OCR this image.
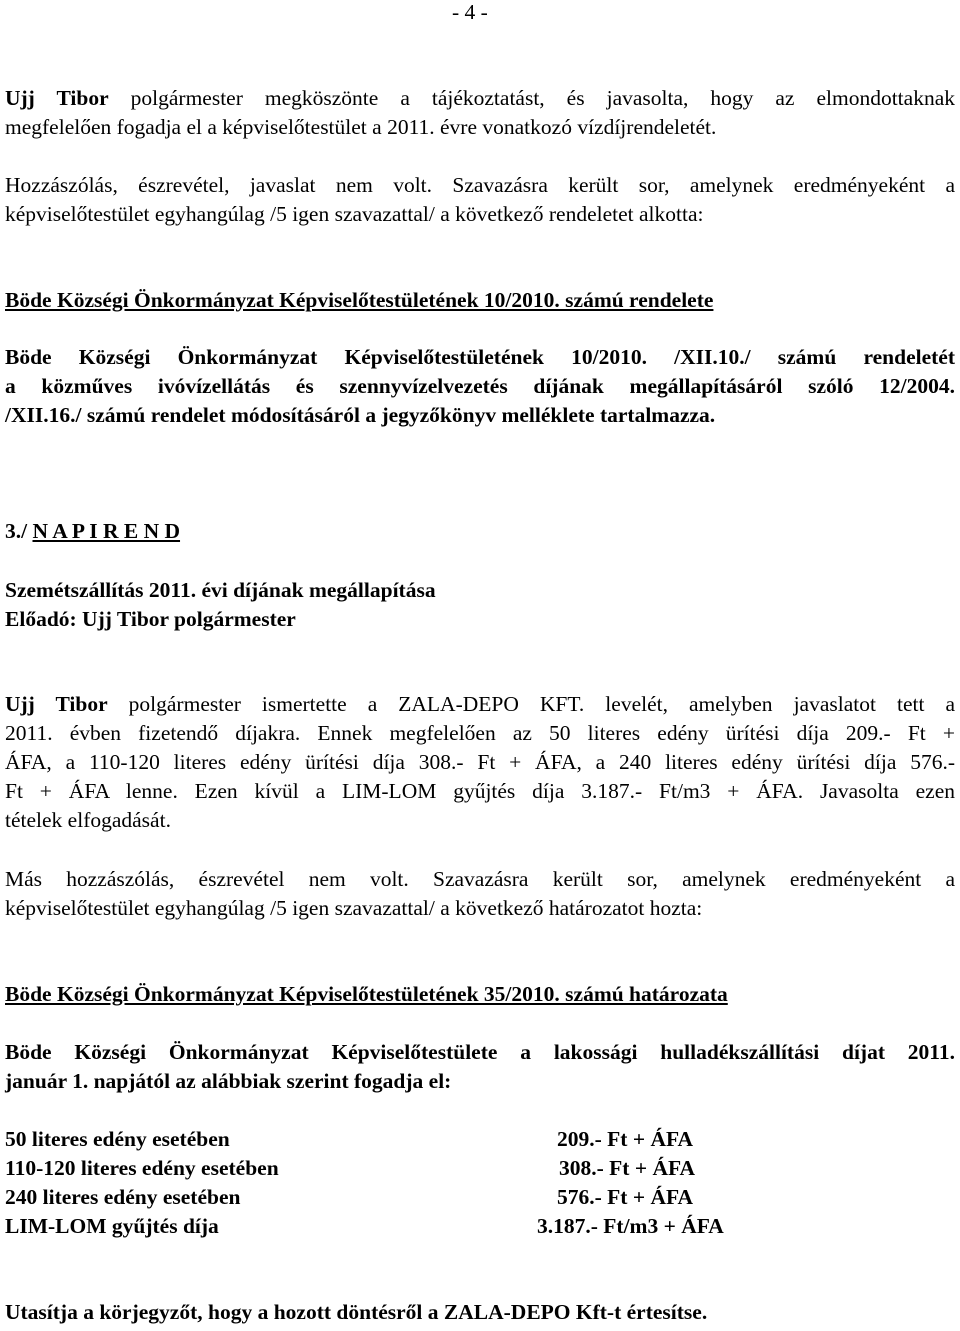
- 4 -
Ujj Tibor polgármester megköszönte a tájékoztatást, és javasolta, hogy az elmondottaknak
megfelelően fogadja el a képviselőtestület a 2011. évre vonatkozó vízdíjrendeletét.
Hozzászólás, észrevétel, javaslat nem volt. Szavazásra került sor, amelynek eredményeként a
képviselőtestület egyhangúlag /5 igen szavazattal/ a következő rendeletet alkotta:
Böde Községi Önkormányzat Képviselőtestületének 10/2010. számú rendelete
Böde Községi Önkormányzat Képviselőtestületének 10/2010. /XII.10./ számú rendeletét
a közműves ivóvízellátás és szennyvízelvezetés díjának megállapításáról szóló 12/2004.
/XII.16./ számú rendelet módosításáról a jegyzőkönyv melléklete tartalmazza.
3./ N A P I R E N D
Szemétszállítás 2011. évi díjának megállapítása
Előadó: Ujj Tibor polgármester
Ujj Tibor polgármester ismertette a ZALA-DEPO KFT. levelét, amelyben javaslatot tett a
2011. évben fizetendő díjakra. Ennek megfelelően az 50 literes edény ürítési díja 209.- Ft +
ÁFA, a 110-120 literes edény ürítési díja 308.- Ft + ÁFA, a 240 literes edény ürítési díja 576.-
Ft + ÁFA lenne. Ezen kívül a LIM-LOM gyűjtés díja 3.187.- Ft/m3 + ÁFA. Javasolta ezen
tételek elfogadását.
Más hozzászólás, észrevétel nem volt. Szavazásra került sor, amelynek eredményeként a
képviselőtestület egyhangúlag /5 igen szavazattal/ a következő határozatot hozta:
Böde Községi Önkormányzat Képviselőtestületének 35/2010. számú határozata
Böde Községi Önkormányzat Képviselőtestülete a lakossági hulladékszállítási díjat 2011.
január 1. napjától az alábbiak szerint fogadja el:
50 literes edény esetében	209.- Ft + ÁFA
110-120 literes edény esetében	308.- Ft + ÁFA
240 literes edény esetében	576.- Ft + ÁFA
LIM-LOM gyűjtés díja	3.187.- Ft/m3 + ÁFA
Utasítja a körjegyzőt, hogy a hozott döntésről a ZALA-DEPO Kft-t értesítse.
